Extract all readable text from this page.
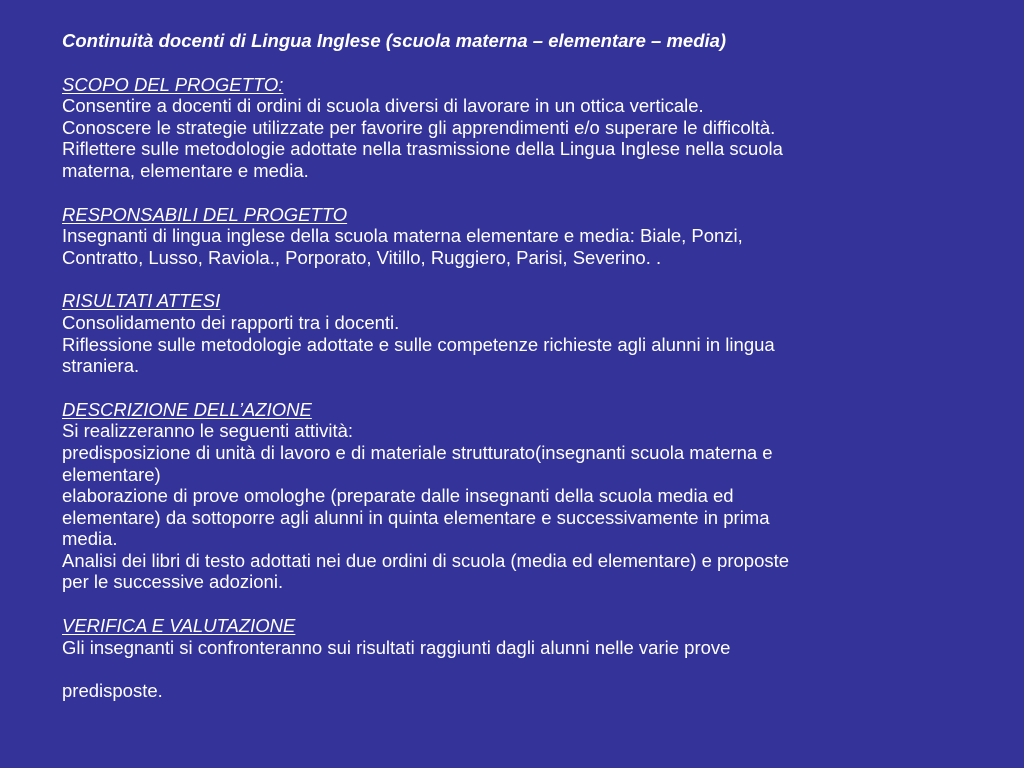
Continuità docenti di Lingua Inglese (scuola materna – elementare – media)

SCOPO DEL PROGETTO:
Consentire a docenti di ordini di scuola diversi di lavorare in un ottica verticale.
Conoscere le strategie utilizzate per favorire gli apprendimenti e/o superare le difficoltà.
Riflettere sulle metodologie adottate nella trasmissione della Lingua Inglese nella scuola
materna, elementare e media.
RESPONSABILI DEL PROGETTO
Insegnanti di lingua inglese della scuola materna elementare e media: Biale, Ponzi,
Contratto, Lusso, Raviola., Porporato, Vitillo, Ruggiero, Parisi, Severino. .
RISULTATI ATTESI
Consolidamento dei rapporti tra i docenti.
Riflessione sulle metodologie adottate e sulle competenze richieste agli alunni in lingua
straniera.
DESCRIZIONE DELL’AZIONE
Si realizzeranno le seguenti attività:
predisposizione di unità di lavoro e di materiale strutturato(insegnanti scuola materna e
elementare)
elaborazione di prove omologhe (preparate dalle insegnanti della scuola media ed
elementare) da sottoporre agli alunni in quinta elementare e successivamente in prima
media.
Analisi dei libri di testo adottati nei due ordini di scuola (media ed elementare) e proposte
per le successive adozioni.
VERIFICA E VALUTAZIONE
Gli insegnanti si confronteranno sui risultati raggiunti dagli alunni nelle varie prove
predisposte.
